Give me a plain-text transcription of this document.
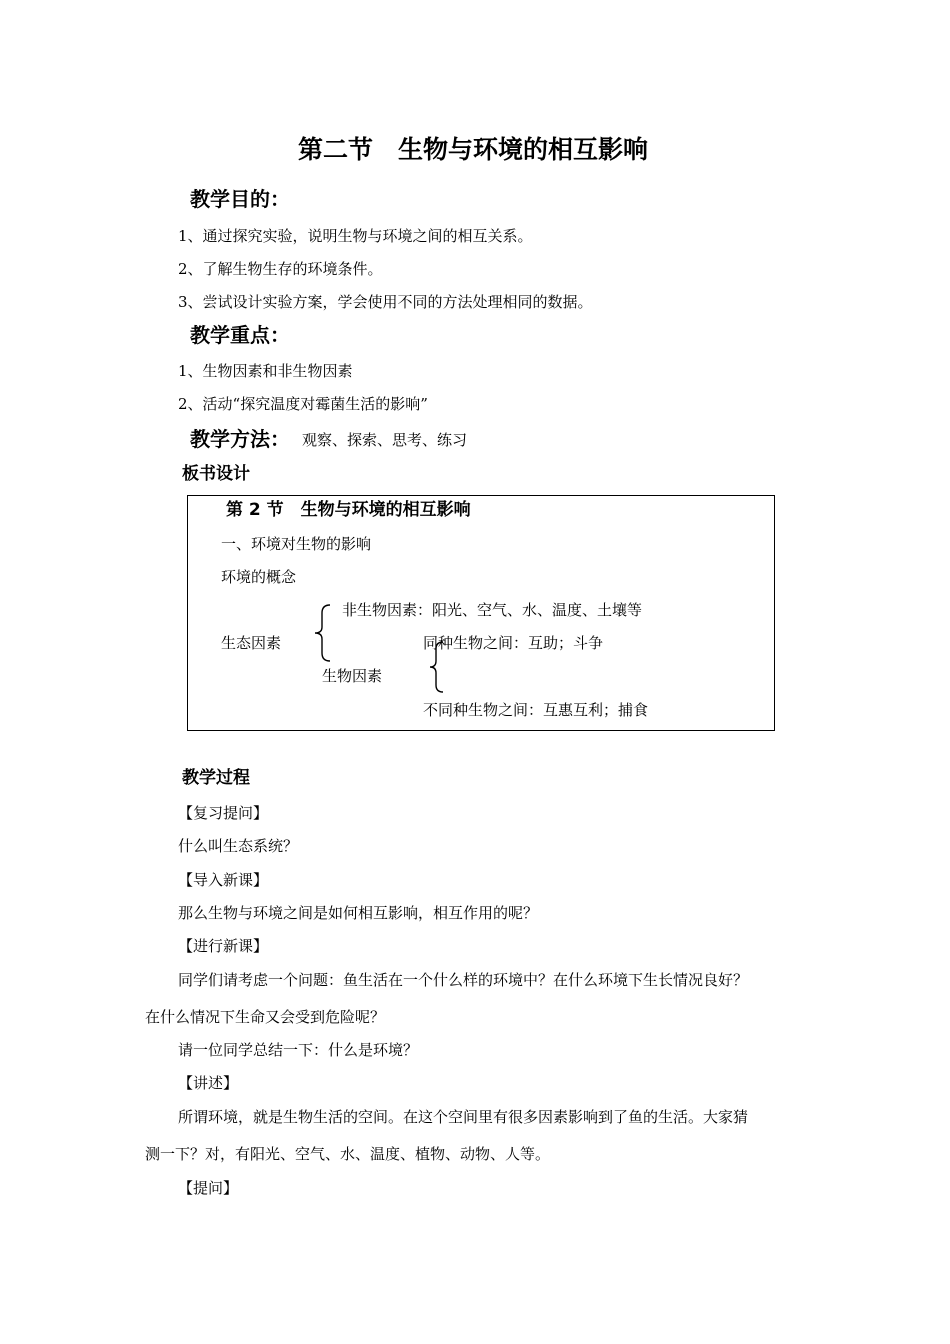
第二节　生物与环境的相互影响
教学目的：
1、通过探究实验，说明生物与环境之间的相互关系。
2、了解生物生存的环境条件。
3、尝试设计实验方案，学会使用不同的方法处理相同的数据。
教学重点：
1、生物因素和非生物因素
2、活动“探究温度对霉菌生活的影响”
教学方法： 观察、探索、思考、练习
板书设计
第 2 节　生物与环境的相互影响
一、环境对生物的影响
环境的概念
生态因素
非生物因素：阳光、空气、水、温度、土壤等
生物因素
同种生物之间：互助；斗争
不同种生物之间：互惠互利；捕食
教学过程
【复习提问】
什么叫生态系统？
【导入新课】
那么生物与环境之间是如何相互影响，相互作用的呢？
【进行新课】
同学们请考虑一个问题：鱼生活在一个什么样的环境中？在什么环境下生长情况良好？
在什么情况下生命又会受到危险呢？
请一位同学总结一下：什么是环境？
【讲述】
所谓环境，就是生物生活的空间。在这个空间里有很多因素影响到了鱼的生活。大家猜
测一下？对，有阳光、空气、水、温度、植物、动物、人等。
【提问】
